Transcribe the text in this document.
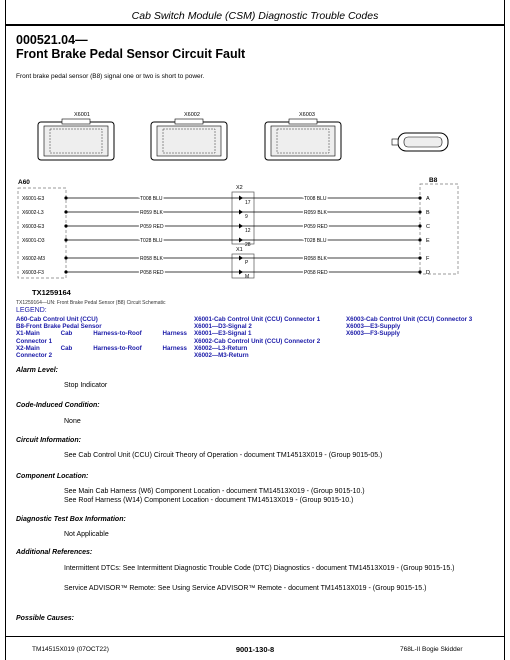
Cab Switch Module (CSM) Diagnostic Trouble Codes
000521.04—
Front Brake Pedal Sensor Circuit Fault
Front brake pedal sensor (B8) signal one or two is short to power.
X6001	X6002	X6003
A60	B8
X2
X1
X6001-E3	T008 BLU	T008 BLU
17
A
X6002-L3	R059 BLK	R059 BLK
9
B
X6003-E3	P059 RED	P059 RED
12
C
X6001-D3	T028 BLU	T028 BLU
28
E
X6002-M3	R058 BLK	R058 BLK
P
F
X6003-F3	P058 RED	P058 RED
M
D
TX1259164—UN: Front Brake Pedal Sensor (B8) Circuit Schematic
TX1259164
LEGEND:
A60-Cab Control Unit (CCU)
B8-Front Brake Pedal Sensor
X1-Main	Cab	Harness-to-Roof	Harness
Connector 1
X2-Main	Cab	Harness-to-Roof	Harness
Connector 2
X6001-Cab Control Unit (CCU) Connector 1
X6001—D3-Signal 2
X6001—E3-Signal 1
X6002-Cab Control Unit (CCU) Connector 2
X6002—L3-Return
X6002—M3-Return
X6003-Cab Control Unit (CCU) Connector 3
X6003—E3-Supply
X6003—F3-Supply
Alarm Level:
Stop Indicator
Code-Induced Condition:
None
Circuit Information:
See Cab Control Unit (CCU) Circuit Theory of Operation - document TM14513X019 - (Group 9015-05.)
Component Location:
See Main Cab Harness (W6) Component Location - document TM14513X019 - (Group 9015-10.)
See Roof Harness (W14) Component Location - document TM14513X019 - (Group 9015-10.)
Diagnostic Test Box Information:
Not Applicable
Additional References:
Intermittent DTCs: See Intermittent Diagnostic Trouble Code (DTC) Diagnostics - document TM14513X019 - (Group 9015-15.)
Service ADVISOR™ Remote: See Using Service ADVISOR™ Remote - document TM14513X019 - (Group 9015-15.)
Possible Causes:
TM14515X019 (07OCT22)	9001-130-8	768L-II Bogie Skidder
